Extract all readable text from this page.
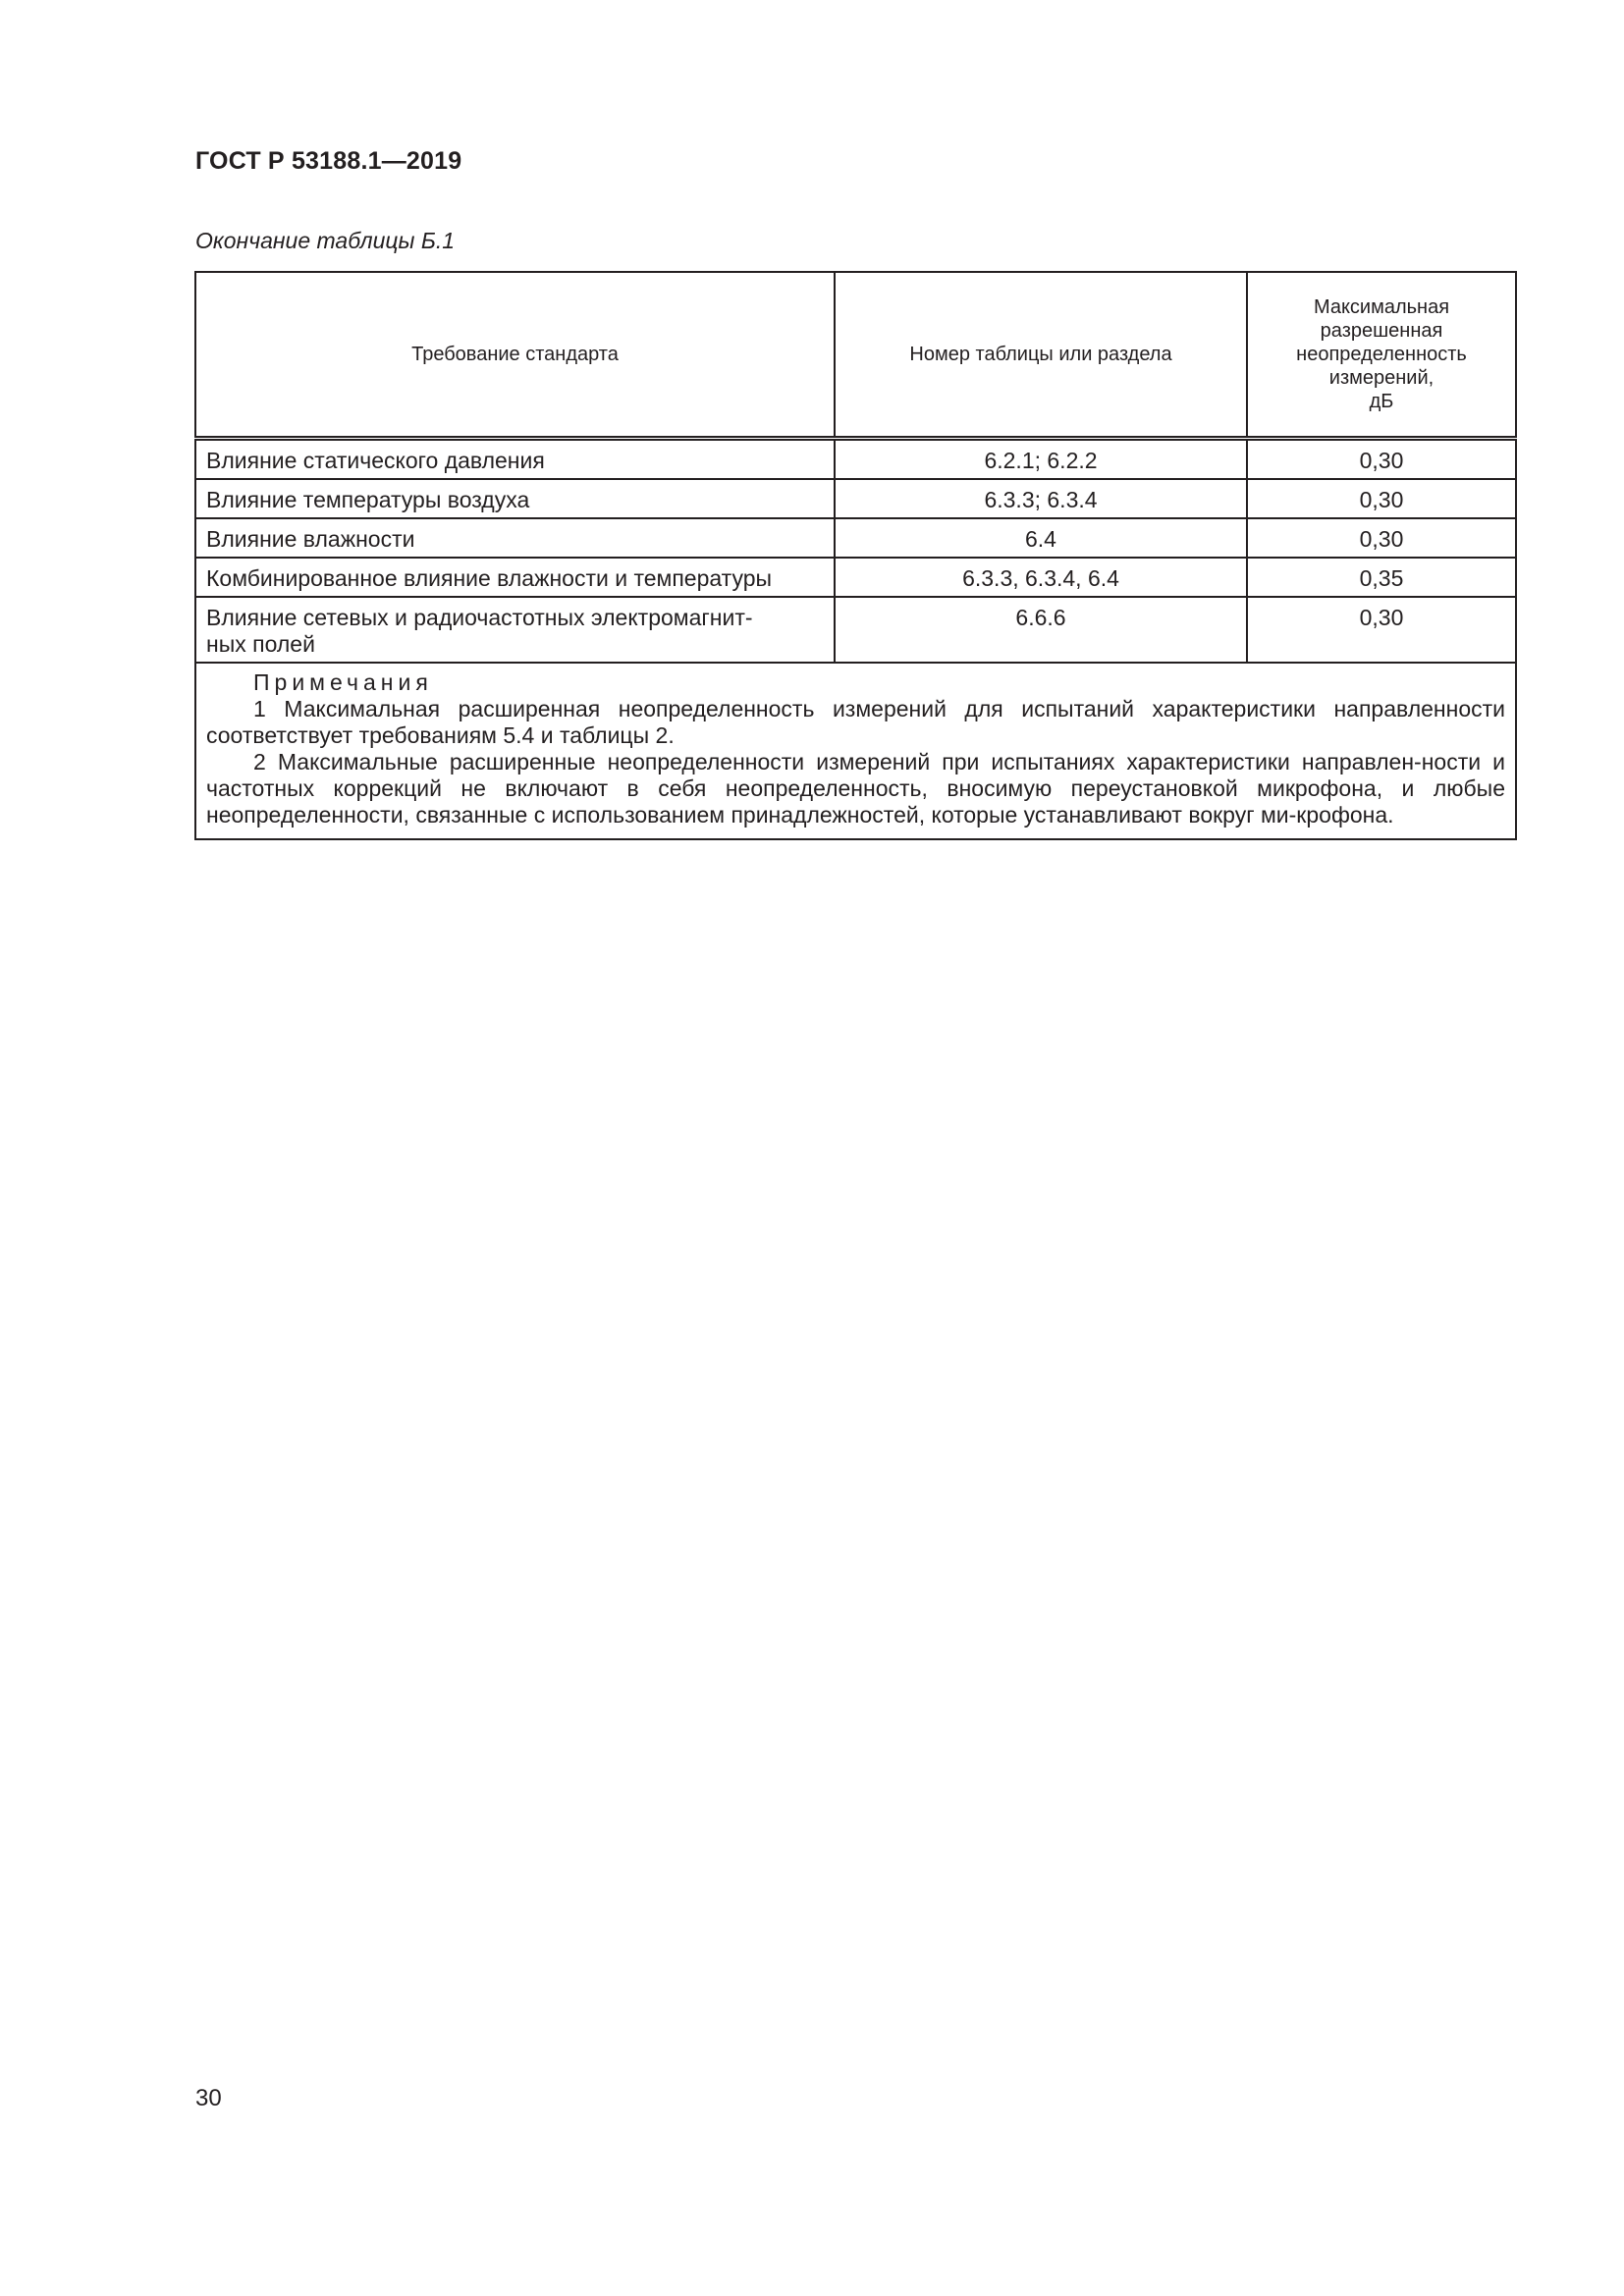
ГОСТ Р 53188.1—2019
Окончание таблицы Б.1
Требование стандарта	Номер таблицы или раздела	Максимальная
разрешенная
неопределенность
измерений,
дБ
Влияние статического давления	6.2.1; 6.2.2	0,30
Влияние температуры воздуха	6.3.3; 6.3.4	0,30
Влияние влажности	6.4	0,30
Комбинированное влияние влажности и температуры	6.3.3, 6.3.4, 6.4	0,35
Влияние сетевых и радиочастотных электромагнит-
ных полей	6.6.6	0,30

Примечания
1 Максимальная расширенная неопределенность измерений для испытаний характеристики направленности соответствует требованиям 5.4 и таблицы 2.
2 Максимальные расширенные неопределенности измерений при испытаниях характеристики направлен-ности и частотных коррекций не включают в себя неопределенность, вносимую переустановкой микрофона, и любые неопределенности, связанные с использованием принадлежностей, которые устанавливают вокруг ми-крофона.		
30
